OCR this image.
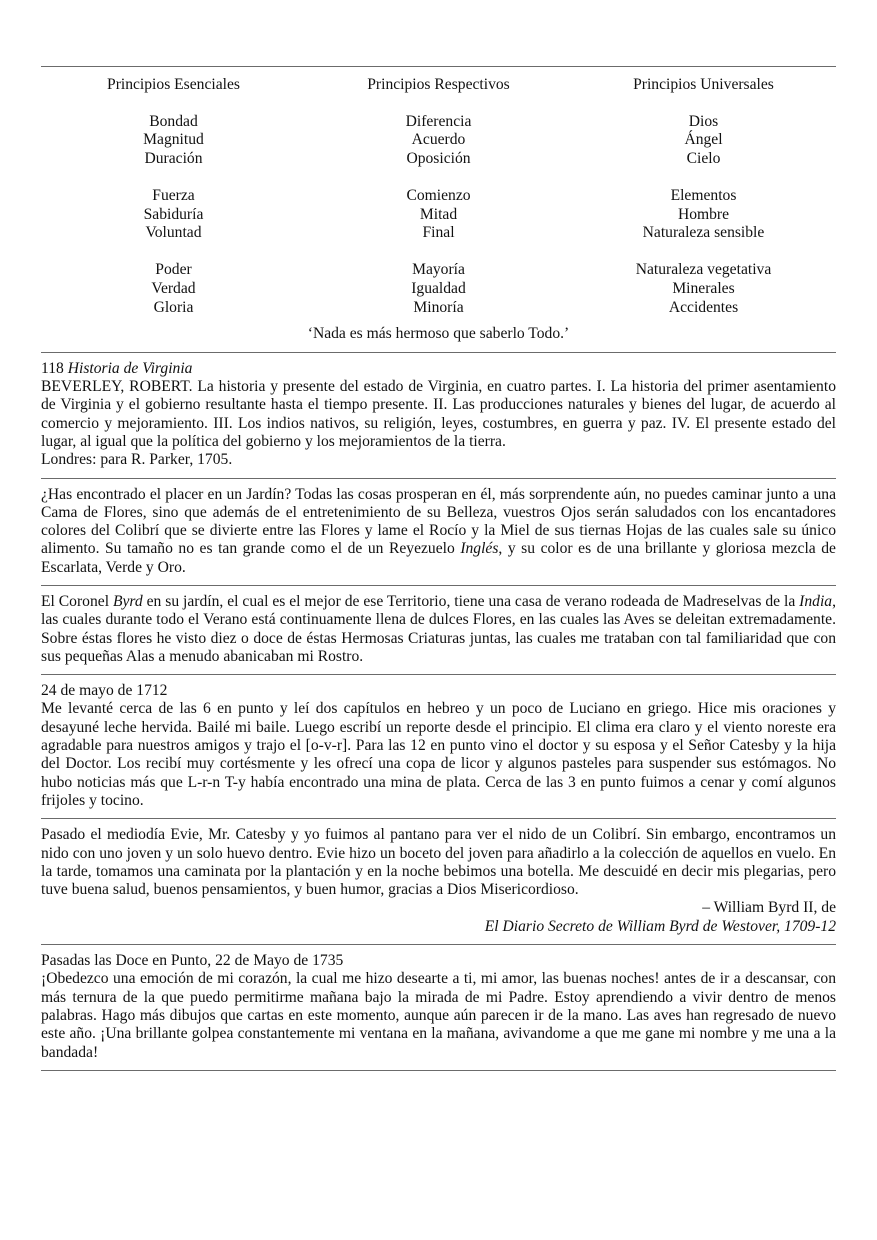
Principios Esenciales
Bondad
Magnitud
Duración
Fuerza
Sabiduría
Voluntad
Poder
Verdad
Gloria
Principios Respectivos
Diferencia
Acuerdo
Oposición
Comienzo
Mitad
Final
Mayoría
Igualdad
Minoría
Principios Universales
Dios
Ángel
Cielo
Elementos
Hombre
Naturaleza sensible
Naturaleza vegetativa
Minerales
Accidentes
‘Nada es más hermoso que saberlo Todo.’

118 Historia de Virginia

BEVERLEY, ROBERT. La historia y presente del estado de Virginia, en cuatro partes. I. La historia del primer asentamiento de Virginia y el gobierno resultante hasta el tiempo presente. II. Las producciones naturales y bienes del lugar, de acuerdo al comercio y mejoramiento. III. Los indios nativos, su religión, leyes, costumbres, en guerra y paz. IV. El presente estado del lugar, al igual que la política del gobierno y los mejoramientos de la tierra.

Londres: para R. Parker, 1705.

¿Has encontrado el placer en un Jardín? Todas las cosas prosperan en él, más sorprendente aún, no puedes caminar junto a una Cama de Flores, sino que además de el entretenimiento de su Belleza, vuestros Ojos serán saludados con los encantadores colores del Colibrí que se divierte entre las Flores y lame el Rocío y la Miel de sus tiernas Hojas de las cuales sale su único alimento. Su tamaño no es tan grande como el de un Reyezuelo Inglés, y su color es de una brillante y gloriosa mezcla de Escarlata, Verde y Oro.

El Coronel Byrd en su jardín, el cual es el mejor de ese Territorio, tiene una casa de verano rodeada de Madreselvas de la India, las cuales durante todo el Verano está continuamente llena de dulces Flores, en las cuales las Aves se deleitan extremadamente. Sobre éstas flores he visto diez o doce de éstas Hermosas Criaturas juntas, las cuales me trataban con tal familiaridad que con sus pequeñas Alas a menudo abanicaban mi Rostro.

24 de mayo de 1712

Me levanté cerca de las 6 en punto y leí dos capítulos en hebreo y un poco de Luciano en griego. Hice mis oraciones y desayuné leche hervida. Bailé mi baile. Luego escribí un reporte desde el principio. El clima era claro y el viento noreste era agradable para nuestros amigos y trajo el [o-v-r]. Para las 12 en punto vino el doctor y su esposa y el Señor Catesby y la hija del Doctor. Los recibí muy cortésmente y les ofrecí una copa de licor y algunos pasteles para suspender sus estómagos. No hubo noticias más que L-r-n T-y había encontrado una mina de plata. Cerca de las 3 en punto fuimos a cenar y comí algunos frijoles y tocino.

Pasado el mediodía Evie, Mr. Catesby y yo fuimos al pantano para ver el nido de un Colibrí. Sin embargo, encontramos un nido con uno joven y un solo huevo dentro. Evie hizo un boceto del joven para añadirlo a la colección de aquellos en vuelo. En la tarde, tomamos una caminata por la plantación y en la noche bebimos una botella. Me descuidé en decir mis plegarias, pero tuve buena salud, buenos pensamientos, y buen humor, gracias a Dios Misericordioso.

– William Byrd II, de

El Diario Secreto de William Byrd de Westover, 1709-12

Pasadas las Doce en Punto, 22 de Mayo de 1735

¡Obedezco una emoción de mi corazón, la cual me hizo desearte a ti, mi amor, las buenas noches! antes de ir a descansar, con más ternura de la que puedo permitirme mañana bajo la mirada de mi Padre. Estoy aprendiendo a vivir dentro de menos palabras. Hago más dibujos que cartas en este momento, aunque aún parecen ir de la mano. Las aves han regresado de nuevo este año. ¡Una brillante golpea constantemente mi ventana en la mañana, avivandome a que me gane mi nombre y me una a la bandada!
